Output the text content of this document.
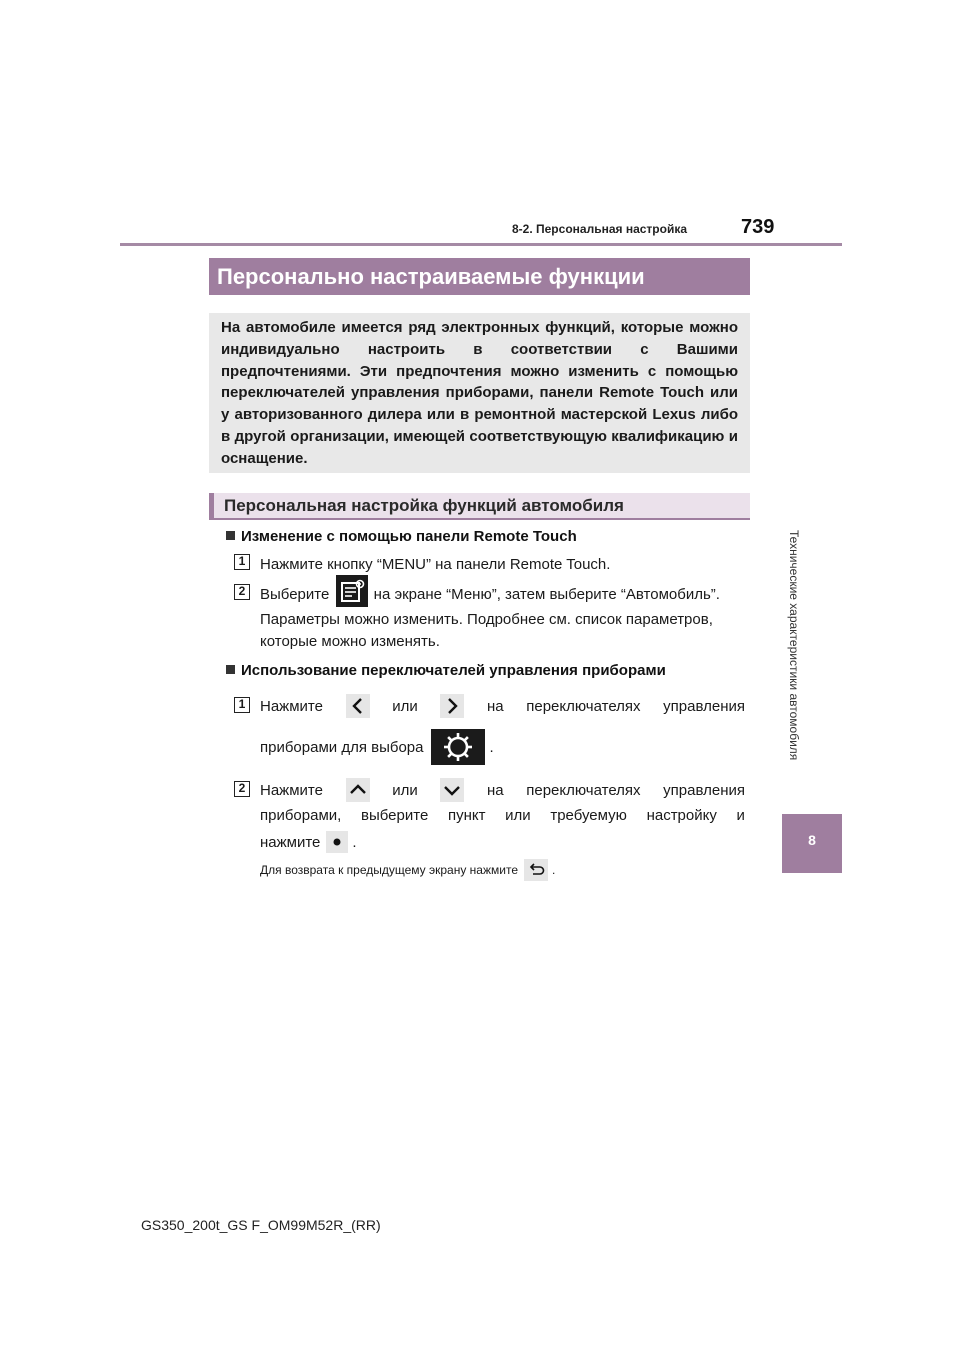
8-2. Персональная настройка	739
Персонально настраиваемые функции
На автомобиле имеется ряд электронных функций, которые можно индивидуально настроить в соответствии с Вашими предпочтениями. Эти предпочтения можно изменить с помощью переключателей управления приборами, панели Remote Touch или у авторизованного дилера или в ремонтной мастерской Lexus либо в другой организации, имеющей соответствующую квалификацию и оснащение.
Персональная настройка функций автомобиля
Изменение с помощью панели Remote Touch
1 Нажмите кнопку “MENU” на панели Remote Touch.
2 Выберите	на экране “Меню”, затем выберите “Автомобиль”.
Параметры можно изменить. Подробнее см. список параметров,
которые можно изменять.
Использование переключателей управления приборами
1 Нажмите	или	на переключателях управления
приборами для выбора	.
2 Нажмите	или	на переключателях управления
приборами, выберите пункт или требуемую настройку и
нажмите .
Для возврата к предыдущему экрану нажмите	.
Технические характеристики автомобиля
8
GS350_200t_GS F_OM99M52R_(RR)
